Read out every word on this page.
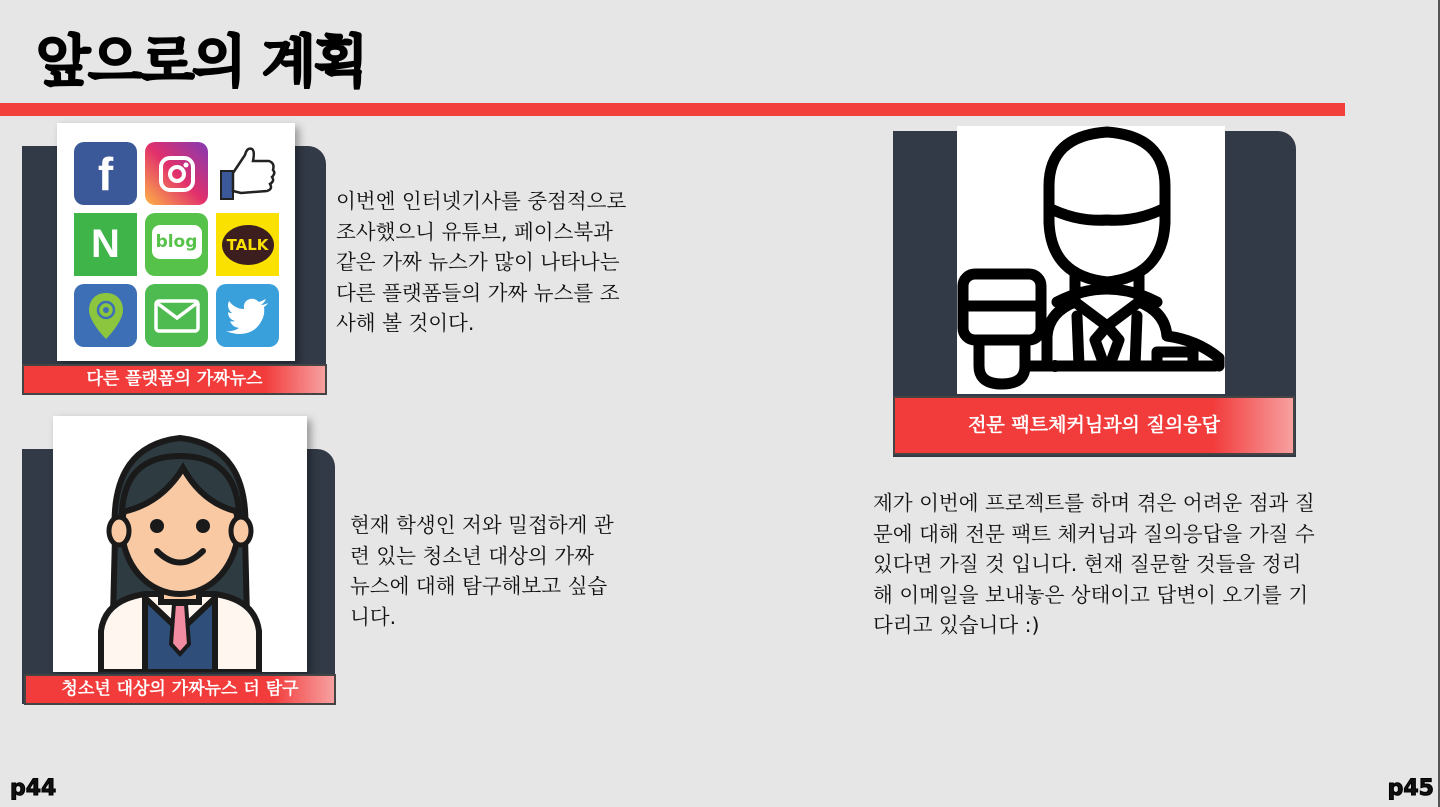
앞으로의 계획
f
N blog TALK
다른 플랫폼의 가짜뉴스
이번엔 인터넷기사를 중점적으로
조사했으니 유튜브, 페이스북과
같은 가짜 뉴스가 많이 나타나는
다른 플랫폼들의 가짜 뉴스를 조
사해 볼 것이다.
청소년 대상의 가짜뉴스 더 탐구
현재 학생인 저와 밀접하게 관
련 있는 청소년 대상의 가짜
뉴스에 대해 탐구해보고 싶습
니다.
전문 팩트체커님과의 질의응답
제가 이번에 프로젝트를 하며 겪은 어려운 점과 질
문에 대해 전문 팩트 체커님과 질의응답을 가질 수
있다면 가질 것 입니다. 현재 질문할 것들을 정리
해 이메일을 보내놓은 상태이고 답변이 오기를 기
다리고 있습니다 :)
p44	p45
